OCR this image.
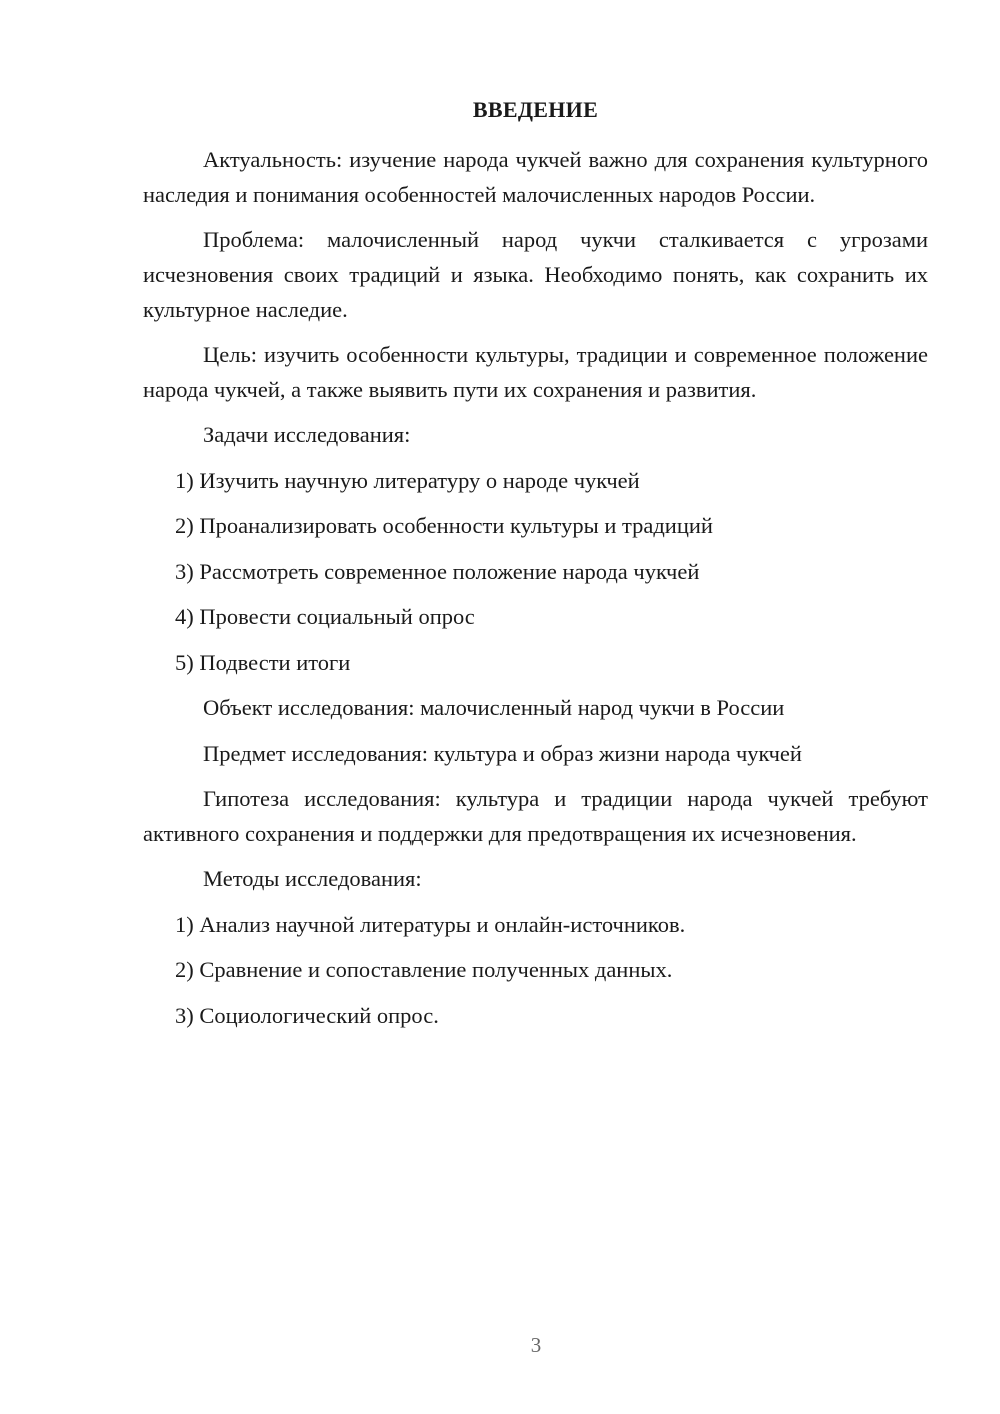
ВВЕДЕНИЕ

Актуальность: изучение народа чукчей важно для сохранения культурного наследия и понимания особенностей малочисленных народов России.

Проблема: малочисленный народ чукчи сталкивается с угрозами исчезновения своих традиций и языка. Необходимо понять, как сохранить их культурное наследие.

Цель: изучить особенности культуры, традиции и современное положение народа чукчей, а также выявить пути их сохранения и развития.

Задачи исследования:
1) Изучить научную литературу о народе чукчей
2) Проанализировать особенности культуры и традиций
3) Рассмотреть современное положение народа чукчей
4) Провести социальный опрос
5) Подвести итоги
Объект исследования: малочисленный народ чукчи в России
Предмет исследования: культура и образ жизни народа чукчей

Гипотеза исследования: культура и традиции народа чукчей требуют активного сохранения и поддержки для предотвращения их исчезновения.

Методы исследования:
1) Анализ научной литературы и онлайн-источников.
2) Сравнение и сопоставление полученных данных.
3) Социологический опрос.
3
